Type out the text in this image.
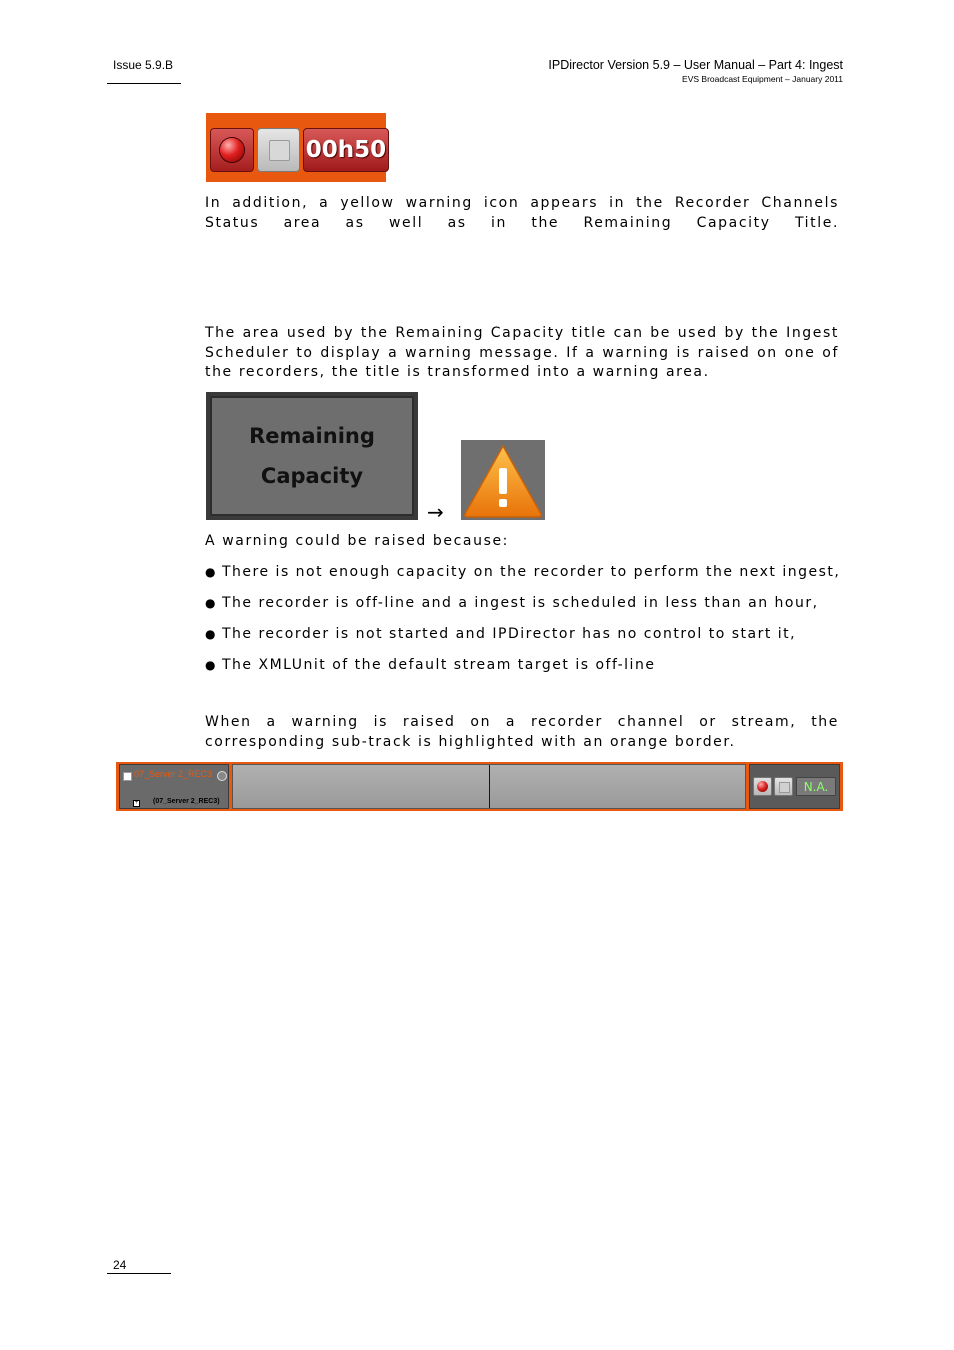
Issue 5.9.B	IPDirector Version 5.9 – User Manual – Part 4: Ingest
EVS Broadcast Equipment – January 2011
00h50
In addition, a yellow warning icon appears in the Recorder Channels Status area as well as in the Remaining Capacity Title.
The area used by the Remaining Capacity title can be used by the Ingest Scheduler to display a warning message. If a warning is raised on one of the recorders, the title is transformed into a warning area.
Remaining
Capacity
→
A warning could be raised because:
● There is not enough capacity on the recorder to perform the next ingest,
● The recorder is off-line and a ingest is scheduled in less than an hour,
● The recorder is not started and IPDirector has no control to start it,
● The XMLUnit of the default stream target is off-line
When a warning is raised on a recorder channel or stream, the corresponding sub-track is highlighted with an orange border.
07_Server 2_REC3
+ (07_Server 2_REC3)
N.A.
24
